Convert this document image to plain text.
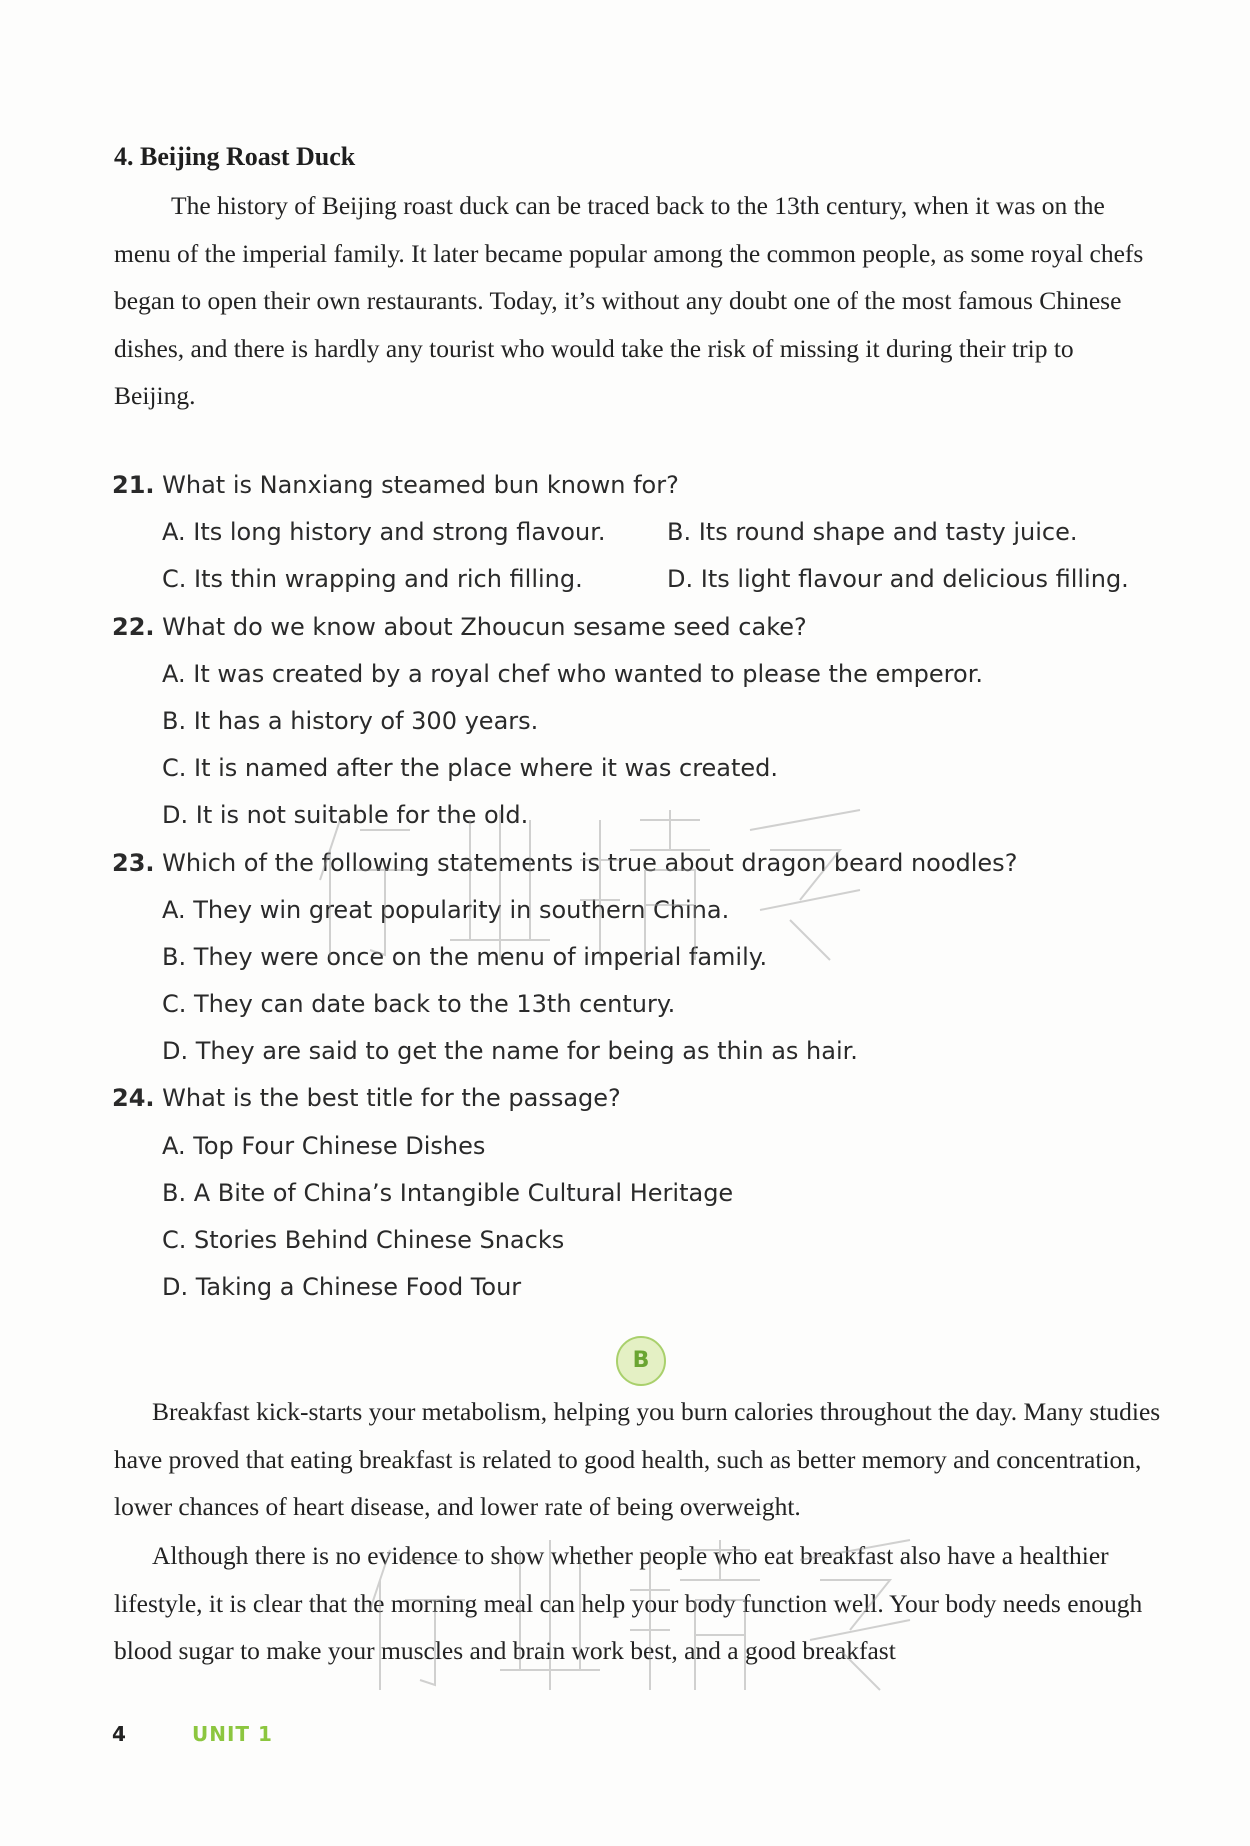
4. Beijing Roast Duck

The history of Beijing roast duck can be traced back to the 13th century, when it was on the menu of the imperial family. It later became popular among the common people, as some royal chefs began to open their own restaurants. Today, it’s without any doubt one of the most famous Chinese dishes, and there is hardly any tourist who would take the risk of missing it during their trip to Beijing.

21. What is Nanxiang steamed bun known for?
A. Its long history and strong flavour.	B. Its round shape and tasty juice.
C. Its thin wrapping and rich filling.	D. Its light flavour and delicious filling.
22. What do we know about Zhoucun sesame seed cake?
A. It was created by a royal chef who wanted to please the emperor.
B. It has a history of 300 years.
C. It is named after the place where it was created.
D. It is not suitable for the old.
23. Which of the following statements is true about dragon beard noodles?
A. They win great popularity in southern China.
B. They were once on the menu of imperial family.
C. They can date back to the 13th century.
D. They are said to get the name for being as thin as hair.
24. What is the best title for the passage?
A. Top Four Chinese Dishes
B. A Bite of China’s Intangible Cultural Heritage
C. Stories Behind Chinese Snacks
D. Taking a Chinese Food Tour
B

Breakfast kick-starts your metabolism, helping you burn calories throughout the day. Many studies have proved that eating breakfast is related to good health, such as better memory and concentration, lower chances of heart disease, and lower rate of being overweight.

Although there is no evidence to show whether people who eat breakfast also have a healthier lifestyle, it is clear that the morning meal can help your body function well. Your body needs enough blood sugar to make your muscles and brain work best, and a good breakfast

4	UNIT 1
